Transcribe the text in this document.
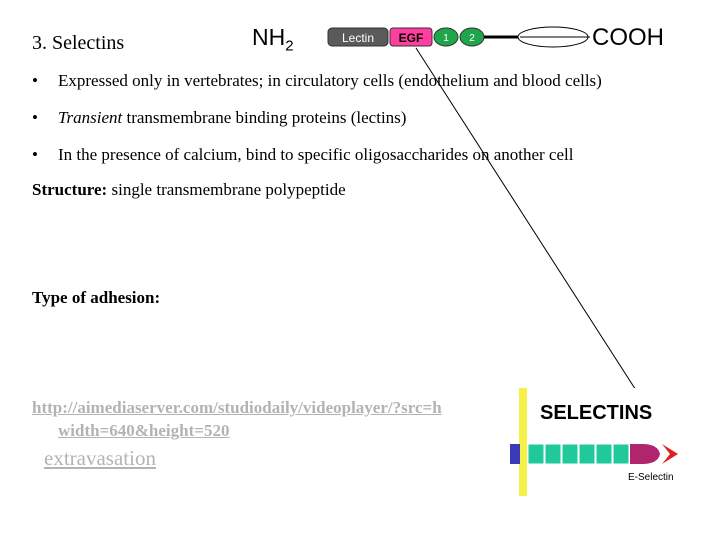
3. Selectins	$NH_2$	COOH
Lectin EGF 1 2
• Expressed only in vertebrates; in circulatory cells (endothelium and blood cells)
• Transient transmembrane binding proteins (lectins)
• In the presence of calcium, bind to specific oligosaccharides on another cell
Structure: single transmembrane polypeptide
Type of adhesion:
http://aimediaserver.com/studiodaily/videoplayer/?src=h
width=640&height=520
extravasation
SELECTINS
E-Selectin
